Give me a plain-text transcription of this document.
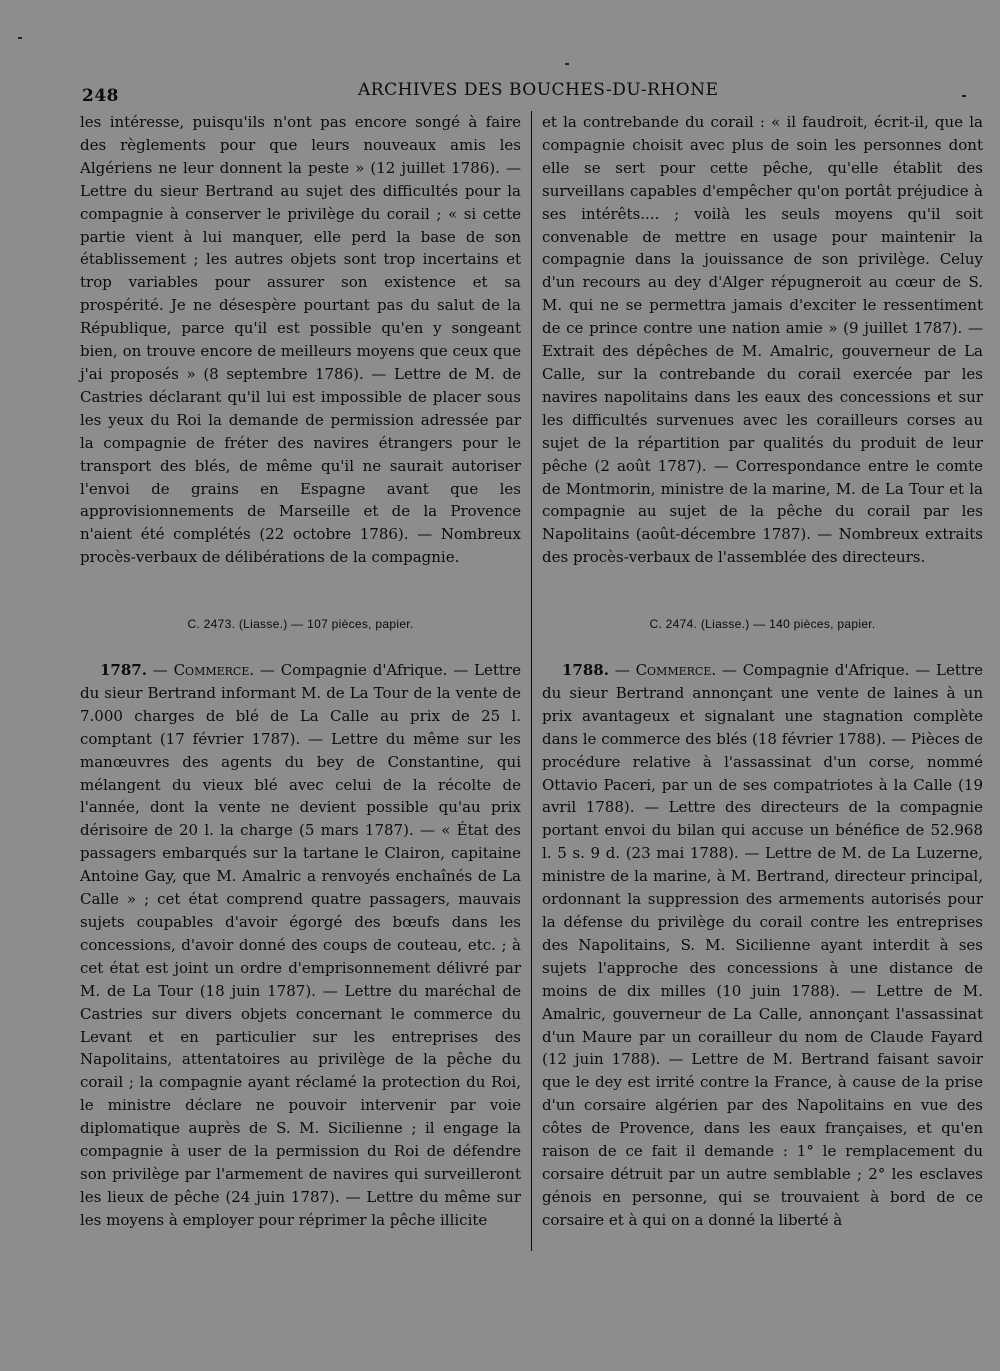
248	ARCHIVES DES BOUCHES-DU-RHONE

les intéresse, puisqu'ils n'ont pas encore songé à faire des règlements pour que leurs nouveaux amis les Algériens ne leur donnent la peste » (12 juillet 1786). — Lettre du sieur Bertrand au sujet des difficultés pour la compagnie à conserver le privilège du corail ; « si cette partie vient à lui manquer, elle perd la base de son établissement ; les autres objets sont trop incertains et trop variables pour assurer son existence et sa prospérité. Je ne désespère pourtant pas du salut de la République, parce qu'il est possible qu'en y songeant bien, on trouve encore de meilleurs moyens que ceux que j'ai proposés » (8 septembre 1786). — Lettre de M. de Castries déclarant qu'il lui est impossible de placer sous les yeux du Roi la demande de permission adressée par la compagnie de fréter des navires étrangers pour le transport des blés, de même qu'il ne saurait autoriser l'envoi de grains en Espagne avant que les approvisionnements de Marseille et de la Provence n'aient été complétés (22 octobre 1786). — Nombreux procès-verbaux de délibérations de la compagnie.

C. 2473. (Liasse.) — 107 pièces, papier.

1787. — Commerce. — Compagnie d'Afrique. — Lettre du sieur Bertrand informant M. de La Tour de la vente de 7.000 charges de blé de La Calle au prix de 25 l. comptant (17 février 1787). — Lettre du même sur les manœuvres des agents du bey de Constantine, qui mélangent du vieux blé avec celui de la récolte de l'année, dont la vente ne devient possible qu'au prix dérisoire de 20 l. la charge (5 mars 1787). — « État des passagers embarqués sur la tartane le Clairon, capitaine Antoine Gay, que M. Amalric a renvoyés enchaînés de La Calle » ; cet état comprend quatre passagers, mauvais sujets coupables d'avoir égorgé des bœufs dans les concessions, d'avoir donné des coups de couteau, etc. ; à cet état est joint un ordre d'emprisonnement délivré par M. de La Tour (18 juin 1787). — Lettre du maréchal de Castries sur divers objets concernant le commerce du Levant et en particulier sur les entreprises des Napolitains, attentatoires au privilège de la pêche du corail ; la compagnie ayant réclamé la protection du Roi, le ministre déclare ne pouvoir intervenir par voie diplomatique auprès de S. M. Sicilienne ; il engage la compagnie à user de la permission du Roi de défendre son privilège par l'armement de navires qui surveilleront les lieux de pêche (24 juin 1787). — Lettre du même sur les moyens à employer pour réprimer la pêche illicite

et la contrebande du corail : « il faudroit, écrit-il, que la compagnie choisit avec plus de soin les personnes dont elle se sert pour cette pêche, qu'elle établit des surveillans capables d'empêcher qu'on portât préjudice à ses intérêts.... ; voilà les seuls moyens qu'il soit convenable de mettre en usage pour maintenir la compagnie dans la jouissance de son privilège. Celuy d'un recours au dey d'Alger répugneroit au cœur de S. M. qui ne se permettra jamais d'exciter le ressentiment de ce prince contre une nation amie » (9 juillet 1787). — Extrait des dépêches de M. Amalric, gouverneur de La Calle, sur la contrebande du corail exercée par les navires napolitains dans les eaux des concessions et sur les difficultés survenues avec les corailleurs corses au sujet de la répartition par qualités du produit de leur pêche (2 août 1787). — Correspondance entre le comte de Montmorin, ministre de la marine, M. de La Tour et la compagnie au sujet de la pêche du corail par les Napolitains (août-décembre 1787). — Nombreux extraits des procès-verbaux de l'assemblée des directeurs.

C. 2474. (Liasse.) — 140 pièces, papier.

1788. — Commerce. — Compagnie d'Afrique. — Lettre du sieur Bertrand annonçant une vente de laines à un prix avantageux et signalant une stagnation complète dans le commerce des blés (18 février 1788). — Pièces de procédure relative à l'assassinat d'un corse, nommé Ottavio Paceri, par un de ses compatriotes à la Calle (19 avril 1788). — Lettre des directeurs de la compagnie portant envoi du bilan qui accuse un bénéfice de 52.968 l. 5 s. 9 d. (23 mai 1788). — Lettre de M. de La Luzerne, ministre de la marine, à M. Bertrand, directeur principal, ordonnant la suppression des armements autorisés pour la défense du privilège du corail contre les entreprises des Napolitains, S. M. Sicilienne ayant interdit à ses sujets l'approche des concessions à une distance de moins de dix milles (10 juin 1788). — Lettre de M. Amalric, gouverneur de La Calle, annonçant l'assassinat d'un Maure par un corailleur du nom de Claude Fayard (12 juin 1788). — Lettre de M. Bertrand faisant savoir que le dey est irrité contre la France, à cause de la prise d'un corsaire algérien par des Napolitains en vue des côtes de Provence, dans les eaux françaises, et qu'en raison de ce fait il demande : 1° le remplacement du corsaire détruit par un autre semblable ; 2° les esclaves génois en personne, qui se trouvaient à bord de ce corsaire et à qui on a donné la liberté à
